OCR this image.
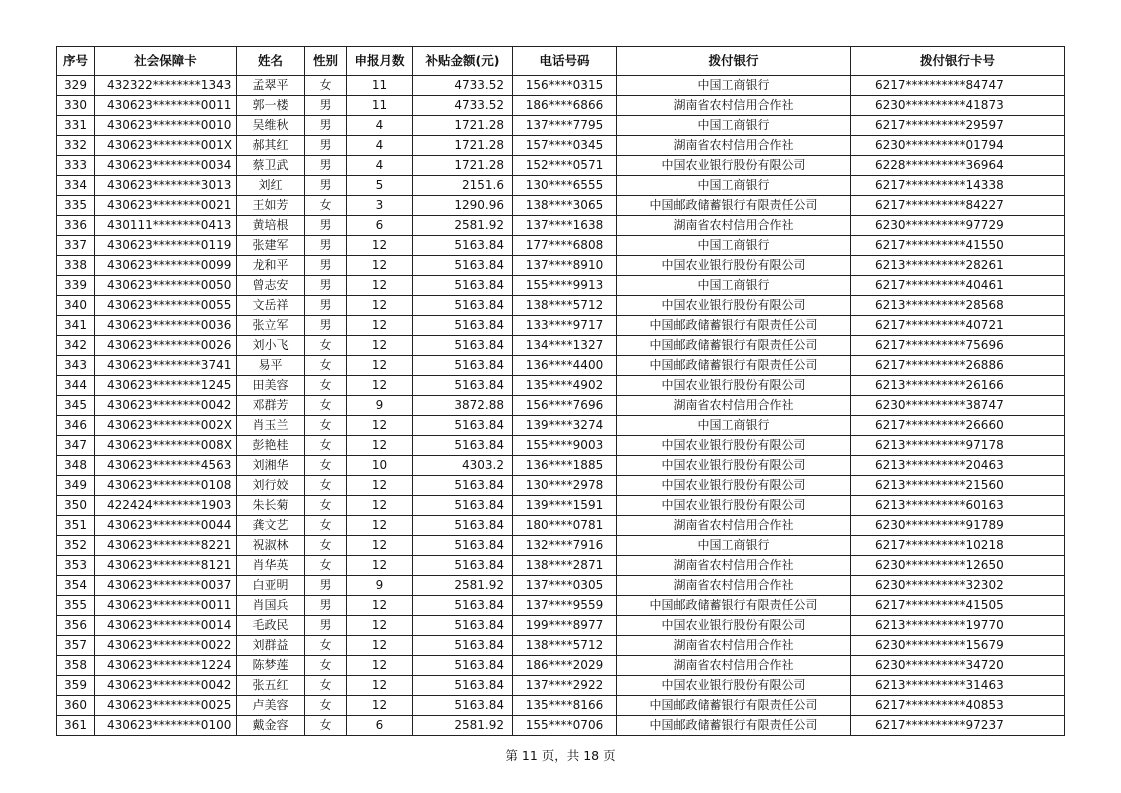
序号	社会保障卡	姓名	性别	申报月数	补贴金额(元)	电话号码	拨付银行	拨付银行卡号
329	432322********1343	孟翠平	女	11	4733.52	156****0315	中国工商银行	6217**********84747
330	430623********0011	郭一楼	男	11	4733.52	186****6866	湖南省农村信用合作社	6230**********41873
331	430623********0010	吴维秋	男	4	1721.28	137****7795	中国工商银行	6217**********29597
332	430623********001X	郝其红	男	4	1721.28	157****0345	湖南省农村信用合作社	6230**********01794
333	430623********0034	蔡卫武	男	4	1721.28	152****0571	中国农业银行股份有限公司	6228**********36964
334	430623********3013	刘红	男	5	2151.6	130****6555	中国工商银行	6217**********14338
335	430623********0021	王如芳	女	3	1290.96	138****3065	中国邮政储蓄银行有限责任公司	6217**********84227
336	430111********0413	黄培根	男	6	2581.92	137****1638	湖南省农村信用合作社	6230**********97729
337	430623********0119	张建军	男	12	5163.84	177****6808	中国工商银行	6217**********41550
338	430623********0099	龙和平	男	12	5163.84	137****8910	中国农业银行股份有限公司	6213**********28261
339	430623********0050	曾志安	男	12	5163.84	155****9913	中国工商银行	6217**********40461
340	430623********0055	文岳祥	男	12	5163.84	138****5712	中国农业银行股份有限公司	6213**********28568
341	430623********0036	张立军	男	12	5163.84	133****9717	中国邮政储蓄银行有限责任公司	6217**********40721
342	430623********0026	刘小飞	女	12	5163.84	134****1327	中国邮政储蓄银行有限责任公司	6217**********75696
343	430623********3741	易平	女	12	5163.84	136****4400	中国邮政储蓄银行有限责任公司	6217**********26886
344	430623********1245	田美容	女	12	5163.84	135****4902	中国农业银行股份有限公司	6213**********26166
345	430623********0042	邓群芳	女	9	3872.88	156****7696	湖南省农村信用合作社	6230**********38747
346	430623********002X	肖玉兰	女	12	5163.84	139****3274	中国工商银行	6217**********26660
347	430623********008X	彭艳桂	女	12	5163.84	155****9003	中国农业银行股份有限公司	6213**********97178
348	430623********4563	刘湘华	女	10	4303.2	136****1885	中国农业银行股份有限公司	6213**********20463
349	430623********0108	刘行姣	女	12	5163.84	130****2978	中国农业银行股份有限公司	6213**********21560
350	422424********1903	朱长菊	女	12	5163.84	139****1591	中国农业银行股份有限公司	6213**********60163
351	430623********0044	龚文艺	女	12	5163.84	180****0781	湖南省农村信用合作社	6230**********91789
352	430623********8221	祝淑林	女	12	5163.84	132****7916	中国工商银行	6217**********10218
353	430623********8121	肖华英	女	12	5163.84	138****2871	湖南省农村信用合作社	6230**********12650
354	430623********0037	白亚明	男	9	2581.92	137****0305	湖南省农村信用合作社	6230**********32302
355	430623********0011	肖国兵	男	12	5163.84	137****9559	中国邮政储蓄银行有限责任公司	6217**********41505
356	430623********0014	毛政民	男	12	5163.84	199****8977	中国农业银行股份有限公司	6213**********19770
357	430623********0022	刘群益	女	12	5163.84	138****5712	湖南省农村信用合作社	6230**********15679
358	430623********1224	陈梦莲	女	12	5163.84	186****2029	湖南省农村信用合作社	6230**********34720
359	430623********0042	张五红	女	12	5163.84	137****2922	中国农业银行股份有限公司	6213**********31463
360	430623********0025	卢美容	女	12	5163.84	135****8166	中国邮政储蓄银行有限责任公司	6217**********40853
361	430623********0100	戴金容	女	6	2581.92	155****0706	中国邮政储蓄银行有限责任公司	6217**********97237
第 11 页，共 18 页
